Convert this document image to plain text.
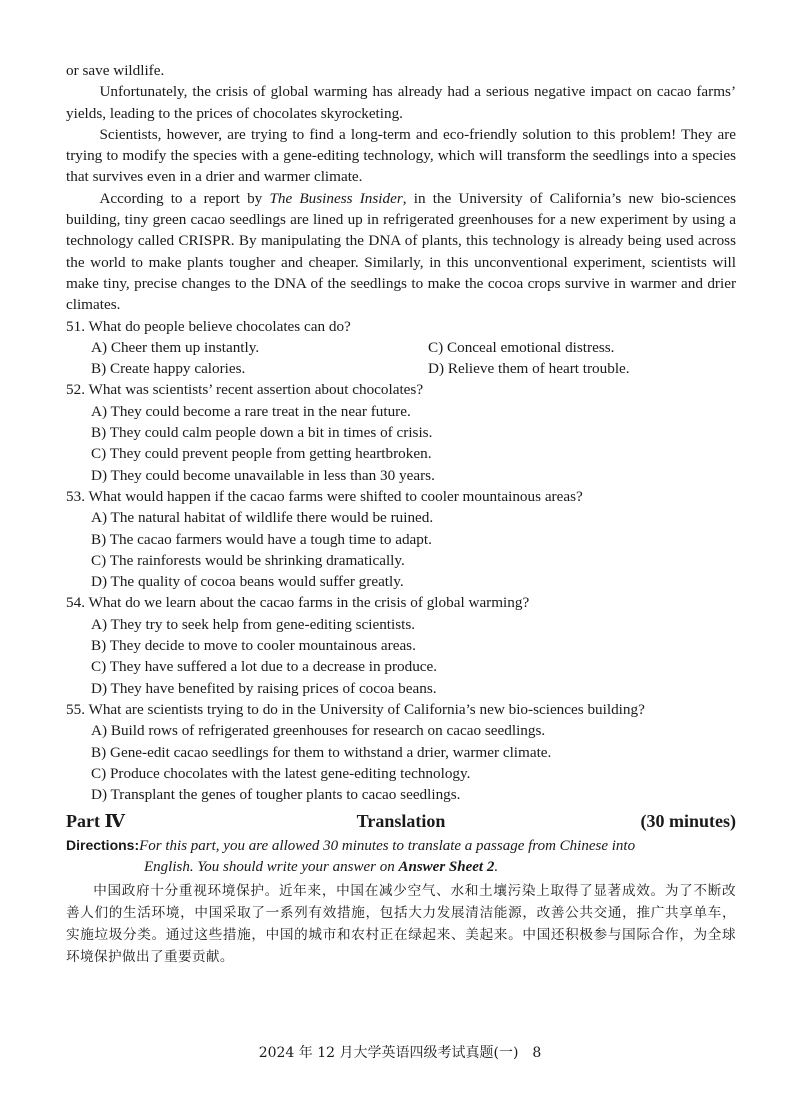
or save wildlife.

Unfortunately, the crisis of global warming has already had a serious negative impact on cacao farms’ yields, leading to the prices of chocolates skyrocketing.

Scientists, however, are trying to find a long-term and eco-friendly solution to this problem! They are trying to modify the species with a gene-editing technology, which will transform the seedlings into a species that survives even in a drier and warmer climate.

According to a report by The Business Insider, in the University of California’s new bio-sciences building, tiny green cacao seedlings are lined up in refrigerated greenhouses for a new experiment by using a technology called CRISPR. By manipulating the DNA of plants, this technology is already being used across the world to make plants tougher and cheaper. Similarly, in this unconventional experiment, scientists will make tiny, precise changes to the DNA of the seedlings to make the cocoa crops survive in warmer and drier climates.

51. What do people believe chocolates can do?

A) Cheer them up instantly.	C) Conceal emotional distress.

B) Create happy calories.	D) Relieve them of heart trouble.

52. What was scientists’ recent assertion about chocolates?

A) They could become a rare treat in the near future.

B) They could calm people down a bit in times of crisis.

C) They could prevent people from getting heartbroken.

D) They could become unavailable in less than 30 years.

53. What would happen if the cacao farms were shifted to cooler mountainous areas?

A) The natural habitat of wildlife there would be ruined.

B) The cacao farmers would have a tough time to adapt.

C) The rainforests would be shrinking dramatically.

D) The quality of cocoa beans would suffer greatly.

54. What do we learn about the cacao farms in the crisis of global warming?

A) They try to seek help from gene-editing scientists.

B) They decide to move to cooler mountainous areas.

C) They have suffered a lot due to a decrease in produce.

D) They have benefited by raising prices of cocoa beans.

55. What are scientists trying to do in the University of California’s new bio-sciences building?

A) Build rows of refrigerated greenhouses for research on cacao seedlings.

B) Gene-edit cacao seedlings for them to withstand a drier, warmer climate.

C) Produce chocolates with the latest gene-editing technology.

D) Transplant the genes of tougher plants to cacao seedlings.

Part Ⅳ	Translation	(30 minutes)

Directions:For this part, you are allowed 30 minutes to translate a passage from Chinese into
English. You should write your answer on Answer Sheet 2.

中国政府十分重视环境保护。近年来，中国在减少空气、水和土壤污染上取得了显著成效。为了不断改善人们的生活环境，中国采取了一系列有效措施，包括大力发展清洁能源，改善公共交通，推广共享单车，实施垃圾分类。通过这些措施，中国的城市和农村正在绿起来、美起来。中国还积极参与国际合作，为全球环境保护做出了重要贡献。

2024 年 12 月大学英语四级考试真题(一)　8
